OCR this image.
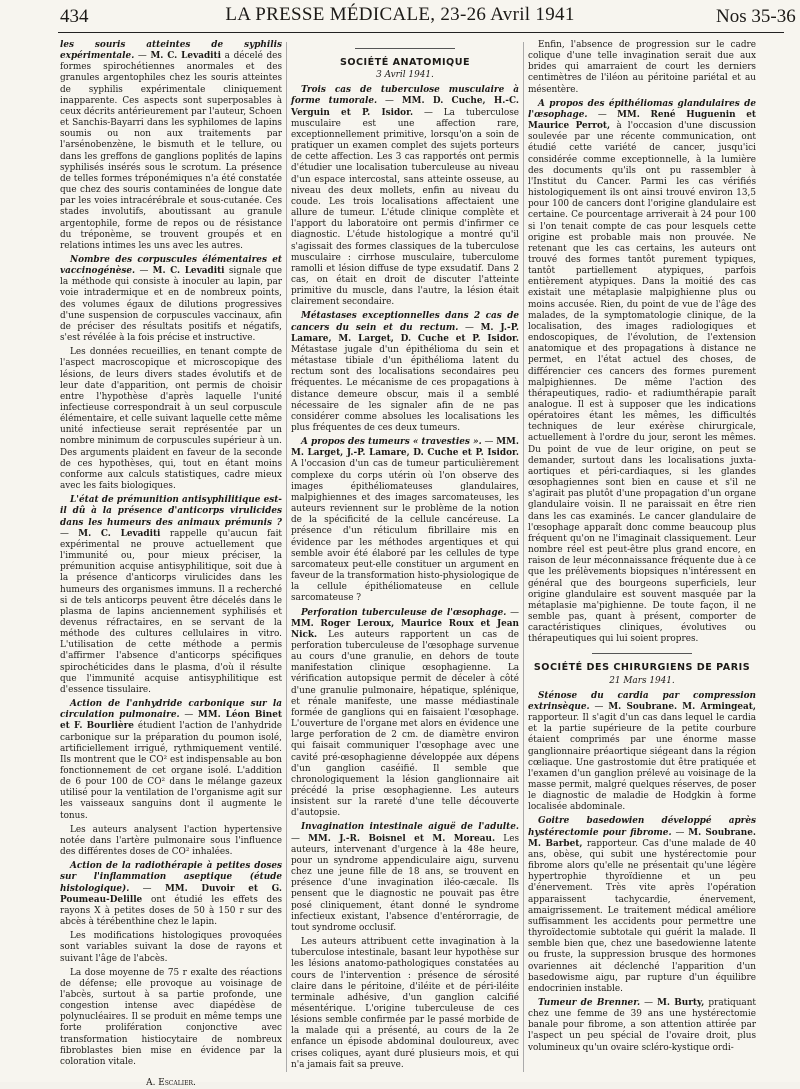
434	LA PRESSE MÉDICALE, 23-26 Avril 1941	Nos 35-36

les souris atteintes de syphilis expérimentale. — M. C. Levaditi a décelé des formes spirochétiennes anormales et des granules argentophiles chez les souris atteintes de syphilis expérimentale cliniquement inapparente. Ces aspects sont superposables à ceux décrits antérieurement par l'auteur, Schoen et Sanchis-Bayarri dans les syphilomes de lapins soumis ou non aux traitements par l'arsénobenzène, le bismuth et le tellure, ou dans les greffons de ganglions poplités de lapins syphilisés insérés sous le scrotum. La présence de telles formes tréponémiques n'a été constatée que chez des souris contaminées de longue date par les voies intracérébrale et sous-cutanée. Ces stades involutifs, aboutissant au granule argentophile, forme de repos ou de résistance du tréponème, se trouvent groupés et en relations intimes les uns avec les autres.

Nombre des corpuscules élémentaires et vaccinogénèse. — M. C. Levaditi signale que la méthode qui consiste à inoculer au lapin, par voie intradermique et en de nombreux points, des volumes égaux de dilutions progressives d'une suspension de corpuscules vaccinaux, afin de préciser des résultats positifs et négatifs, s'est révélée à la fois précise et instructive.

Les données recueillies, en tenant compte de l'aspect macroscopique et microscopique des lésions, de leurs divers stades évolutifs et de leur date d'apparition, ont permis de choisir entre l'hypothèse d'après laquelle l'unité infectieuse correspondrait à un seul corpuscule élémentaire, et celle suivant laquelle cette même unité infectieuse serait représentée par un nombre minimum de corpuscules supérieur à un. Des arguments plaident en faveur de la seconde de ces hypothèses, qui, tout en étant moins conforme aux calculs statistiques, cadre mieux avec les faits biologiques.

L'état de prémunition antisyphilitique est-il dû à la présence d'anticorps virulicides dans les humeurs des animaux prémunis ? — M. C. Levaditi rappelle qu'aucun fait expérimental ne prouve actuellement que l'immunité ou, pour mieux préciser, la prémunition acquise antisyphilitique, soit due à la présence d'anticorps virulicides dans les humeurs des organismes immuns. Il a recherché si de tels anticorps peuvent être décelés dans le plasma de lapins anciennement syphilisés et devenus réfractaires, en se servant de la méthode des cultures cellulaires in vitro. L'utilisation de cette méthode a permis d'affirmer l'absence d'anticorps spécifiques spirochéticides dans le plasma, d'où il résulte que l'immunité acquise antisyphilitique est d'essence tissulaire.

Action de l'anhydride carbonique sur la circulation pulmonaire. — MM. Léon Binet et F. Bourlière étudient l'action de l'anhydride carbonique sur la préparation du poumon isolé, artificiellement irrigué, rythmiquement ventilé. Ils montrent que le CO² est indispensable au bon fonctionnement de cet organe isolé. L'addition de 6 pour 100 de CO² dans le mélange gazeux utilisé pour la ventilation de l'organisme agit sur les vaisseaux sanguins dont il augmente le tonus.

Les auteurs analysent l'action hypertensive notée dans l'artère pulmonaire sous l'influence des différentes doses de CO² inhalées.

Action de la radiothérapie à petites doses sur l'inflammation aseptique (étude histologique). — MM. Duvoir et G. Poumeau-Delille ont étudié les effets des rayons X à petites doses de 50 à 150 r sur des abcès à térébenthine chez le lapin.

Les modifications histologiques provoquées sont variables suivant la dose de rayons et suivant l'âge de l'abcès.

La dose moyenne de 75 r exalte des réactions de défense; elle provoque au voisinage de l'abcès, surtout à sa partie profonde, une congestion intense avec diapédèse de polynucléaires. Il se produit en même temps une forte prolifération conjonctive avec transformation histiocytaire de nombreux fibroblastes bien mise en évidence par la coloration vitale.

A. Escalier.
SOCIÉTÉ ANATOMIQUE
3 Avril 1941.

Trois cas de tuberculose musculaire à forme tumorale. — MM. D. Cuche, H.-C. Verguin et P. Isidor. — La tuberculose musculaire est une affection rare, exceptionnellement primitive, lorsqu'on a soin de pratiquer un examen complet des sujets porteurs de cette affection. Les 3 cas rapportés ont permis d'étudier une localisation tuberculeuse au niveau d'un espace intercostal, sans atteinte osseuse, au niveau des deux mollets, enfin au niveau du coude. Les trois localisations affectaient une allure de tumeur. L'étude clinique complète et l'apport du laboratoire ont permis d'infirmer ce diagnostic. L'étude histologique a montré qu'il s'agissait des formes classiques de la tuberculose musculaire : cirrhose musculaire, tuberculome ramolli et lésion diffuse de type exsudatif. Dans 2 cas, on était en droit de discuter l'atteinte primitive du muscle, dans l'autre, la lésion était clairement secondaire.

Métastases exceptionnelles dans 2 cas de cancers du sein et du rectum. — M. J.-P. Lamare, M. Larget, D. Cuche et P. Isidor. Métastase jugale d'un épithélioma du sein et métastase tibiale d'un épithélioma latent du rectum sont des localisations secondaires peu fréquentes. Le mécanisme de ces propagations à distance demeure obscur, mais il a semblé nécessaire de les signaler afin de ne pas considérer comme absolues les localisations les plus fréquentes de ces deux tumeurs.

A propos des tumeurs « travesties ». — MM. M. Larget, J.-P. Lamare, D. Cuche et P. Isidor. A l'occasion d'un cas de tumeur particulièrement complexe du corps utérin où l'on observe des images épithéliomateuses glandulaires, malpighiennes et des images sarcomateuses, les auteurs reviennent sur le problème de la notion de la spécificité de la cellule cancéreuse. La présence d'un réticulum fibrillaire mis en évidence par les méthodes argentiques et qui semble avoir été élaboré par les cellules de type sarcomateux peut-elle constituer un argument en faveur de la transformation histo-physiologique de la cellule épithéliomateuse en cellule sarcomateuse ?

Perforation tuberculeuse de l'œsophage. — MM. Roger Leroux, Maurice Roux et Jean Nick. Les auteurs rapportent un cas de perforation tuberculeuse de l'œsophage survenue au cours d'une granulie, en dehors de toute manifestation clinique œsophagienne. La vérification autopsique permit de déceler à côté d'une granulie pulmonaire, hépatique, splénique, et rénale manifeste, une masse médiastinale formée de ganglions qui en faisaient l'œsophage. L'ouverture de l'organe met alors en évidence une large perforation de 2 cm. de diamètre environ qui faisait communiquer l'œsophage avec une cavité pré-œsophagienne développée aux dépens d'un ganglion caséifié. Il semble que chronologiquement la lésion ganglionnaire ait précédé la prise œsophagienne. Les auteurs insistent sur la rareté d'une telle découverte d'autopsie.

Invagination intestinale aiguë de l'adulte. — MM. J.-R. Boisnel et M. Moreau. Les auteurs, intervenant d'urgence à la 48e heure, pour un syndrome appendiculaire aigu, survenu chez une jeune fille de 18 ans, se trouvent en présence d'une invagination iléo-cæcale. Ils pensent que le diagnostic ne pouvait pas être posé cliniquement, étant donné le syndrome infectieux existant, l'absence d'entérorragie, de tout syndrome occlusif.

Les auteurs attribuent cette invagination à la tuberculose intestinale, basant leur hypothèse sur les lésions anatomo-pathologiques constatées au cours de l'intervention : présence de sérosité claire dans le péritoine, d'iléite et de péri-iléite terminale adhésive, d'un ganglion calcifié mésentérique. L'origine tuberculeuse de ces lésions semble confirmée par le passé morbide de la malade qui a présenté, au cours de la 2e enfance un épisode abdominal douloureux, avec crises coliques, ayant duré plusieurs mois, et qui n'a jamais fait sa preuve.

Enfin, l'absence de progression sur le cadre colique d'une telle invagination serait due aux brides qui amarraient de court les derniers centimètres de l'iléon au péritoine pariétal et au mésentère.

A propos des épithéliomas glandulaires de l'œsophage. — MM. René Huguenin et Maurice Perrot, à l'occasion d'une discussion soulevée par une récente communication, ont étudié cette variété de cancer, jusqu'ici considérée comme exceptionnelle, à la lumière des documents qu'ils ont pu rassembler à l'Institut du Cancer. Parmi les cas vérifiés histologiquement ils ont ainsi trouvé environ 13,5 pour 100 de cancers dont l'origine glandulaire est certaine. Ce pourcentage arriverait à 24 pour 100 si l'on tenait compte de cas pour lesquels cette origine est probable mais non prouvée. Ne retenant que les cas certains, les auteurs ont trouvé des formes tantôt purement typiques, tantôt partiellement atypiques, parfois entièrement atypiques. Dans la moitié des cas existait une métaplasie malpighienne plus ou moins accusée. Rien, du point de vue de l'âge des malades, de la symptomatologie clinique, de la localisation, des images radiologiques et endoscopiques, de l'évolution, de l'extension anatomique et des propagations à distance ne permet, en l'état actuel des choses, de différencier ces cancers des formes purement malpighiennes. De même l'action des thérapeutiques, radio- et radiumthérapie paraît analogue. Il est à supposer que les indications opératoires étant les mêmes, les difficultés techniques de leur exérèse chirurgicale, actuellement à l'ordre du jour, seront les mêmes. Du point de vue de leur origine, on peut se demander, surtout dans les localisations juxta-aortiques et péri-cardiaques, si les glandes œsophagiennes sont bien en cause et s'il ne s'agirait pas plutôt d'une propagation d'un organe glandulaire voisin. Il ne paraissait en être rien dans les cas examinés. Le cancer glandulaire de l'œsophage apparaît donc comme beaucoup plus fréquent qu'on ne l'imaginait classiquement. Leur nombre réel est peut-être plus grand encore, en raison de leur méconnaissance fréquente due à ce que les prélèvements biopsiques n'intéressent en général que des bourgeons superficiels, leur origine glandulaire est souvent masquée par la métaplasie ma'pighienne. De toute façon, il ne semble pas, quant à présent, comporter de caractéristiques cliniques, évolutives ou thérapeutiques qui lui soient propres.

SOCIÉTÉ DES CHIRURGIENS DE PARIS
21 Mars 1941.

Sténose du cardia par compression extrinsèque. — M. Soubrane. M. Armingeat, rapporteur. Il s'agit d'un cas dans lequel le cardia et la partie supérieure de la petite courbure étaient comprimés par une énorme masse ganglionnaire préaortique siégeant dans la région cœliaque. Une gastrostomie dut être pratiquée et l'examen d'un ganglion prélevé au voisinage de la masse permit, malgré quelques réserves, de poser le diagnostic de maladie de Hodgkin à forme localisée abdominale.

Goitre basedowien développé après hystérectomie pour fibrome. — M. Soubrane. M. Barbet, rapporteur. Cas d'une malade de 40 ans, obèse, qui subit une hystérectomie pour fibrome alors qu'elle ne présentait qu'une légère hypertrophie thyroïdienne et un peu d'énervement. Très vite après l'opération apparaissent tachycardie, énervement, amaigrissement. Le traitement médical améliore suffisamment les accidents pour permettre une thyroïdectomie subtotale qui guérit la malade. Il semble bien que, chez une basedowienne latente ou fruste, la suppression brusque des hormones ovariennes ait déclenché l'apparition d'un basedowisme aigu, par rupture d'un équilibre endocrinien instable.

Tumeur de Brenner. — M. Burty, pratiquant chez une femme de 39 ans une hystérectomie banale pour fibrome, a son attention attirée par l'aspect un peu spécial de l'ovaire droit, plus volumineux qu'un ovaire scléro-kystique ordi-
